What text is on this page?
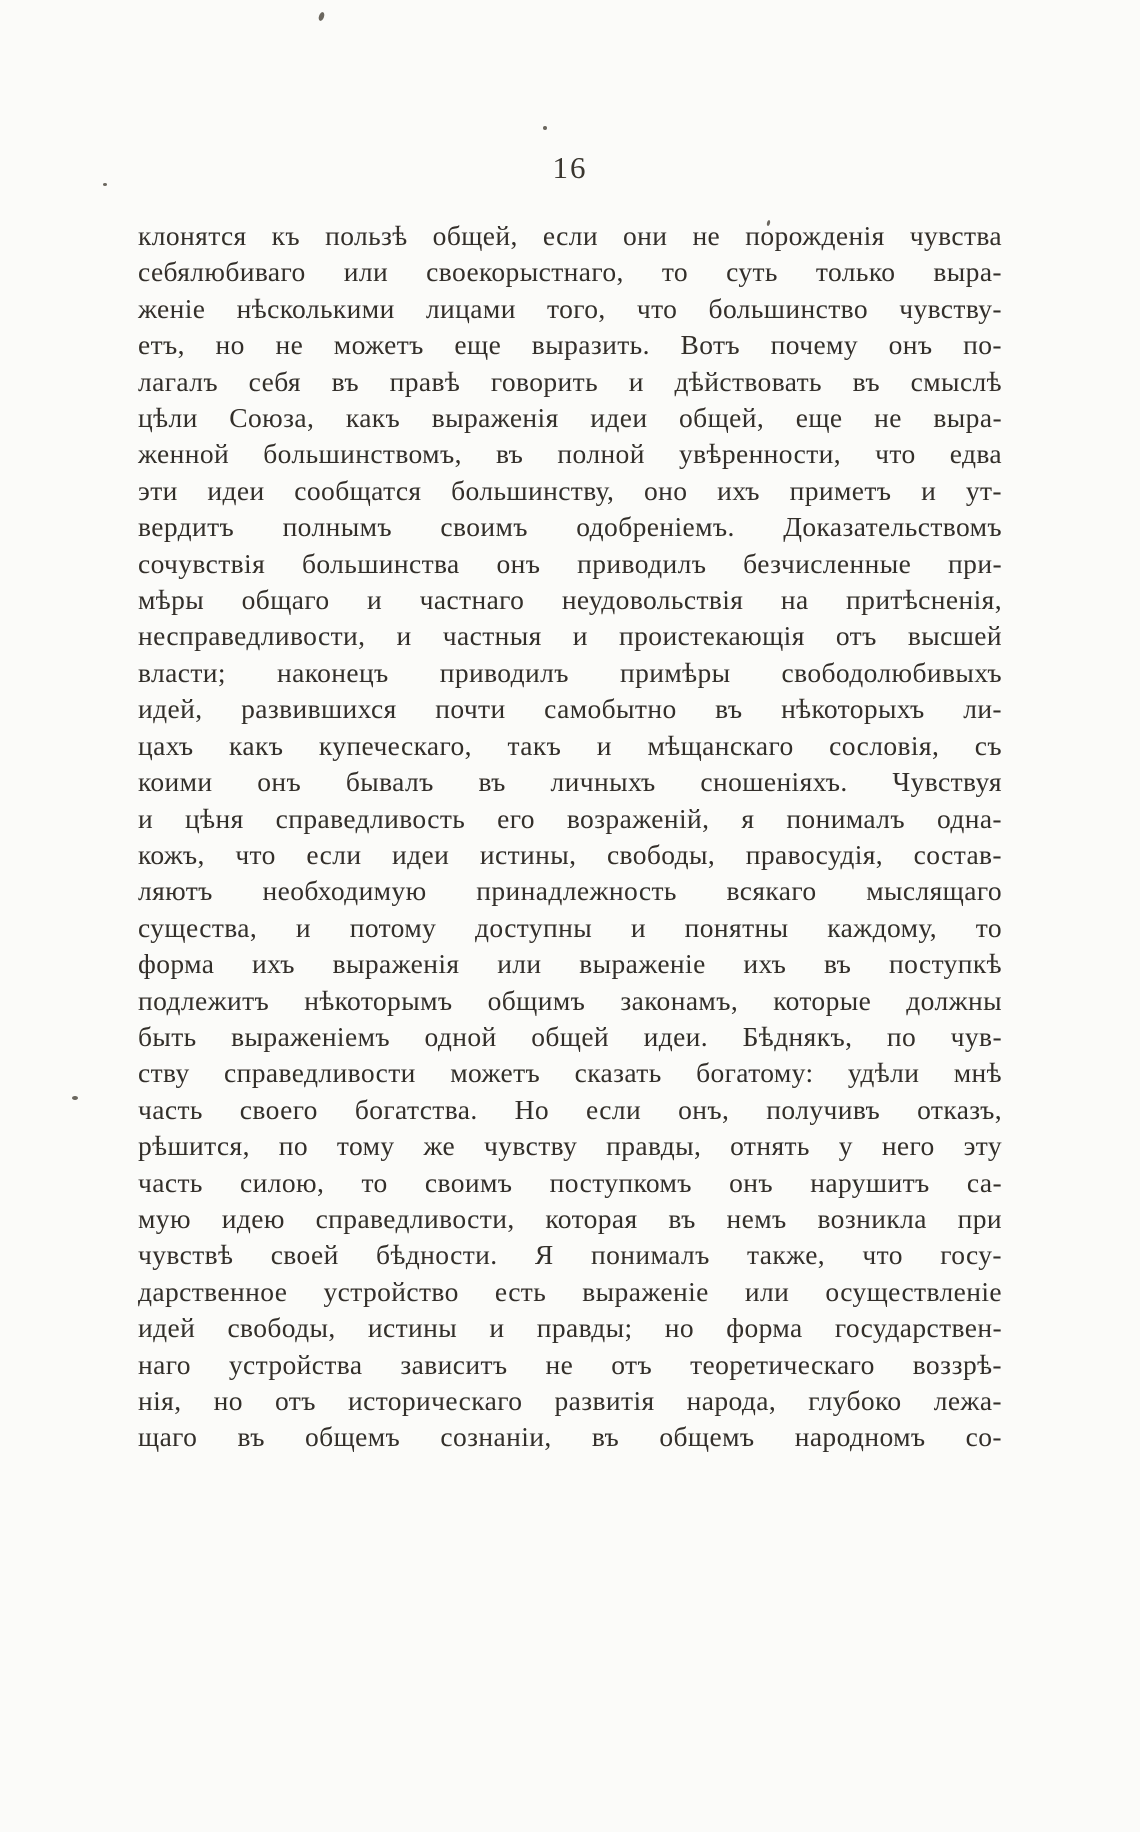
16
клонятся къ пользѣ общей, если они не порожденія чувства
себялюбиваго или своекорыстнаго, то суть только выра-
женіе нѣсколькими лицами того, что большинство чувству-
етъ, но не можетъ еще выразить. Вотъ почему онъ по-
лагалъ себя въ правѣ говорить и дѣйствовать въ смыслѣ
цѣли Союза, какъ выраженія идеи общей, еще не выра-
женной большинствомъ, въ полной увѣренности, что едва
эти идеи сообщатся большинству, оно ихъ приметъ и ут-
вердитъ полнымъ своимъ одобреніемъ. Доказательствомъ
сочувствія большинства онъ приводилъ безчисленные при-
мѣры общаго и частнаго неудовольствія на притѣсненія,
несправедливости, и частныя и проистекающія отъ высшей
власти; наконецъ приводилъ примѣры свободолюбивыхъ
идей, развившихся почти самобытно въ нѣкоторыхъ ли-
цахъ какъ купеческаго, такъ и мѣщанскаго сословія, съ
коими онъ бывалъ въ личныхъ сношеніяхъ. Чувствуя
и цѣня справедливость его возраженій, я понималъ одна-
кожъ, что если идеи истины, свободы, правосудія, состав-
ляютъ необходимую принадлежность всякаго мыслящаго
существа, и потому доступны и понятны каждому, то
форма ихъ выраженія или выраженіе ихъ въ поступкѣ
подлежитъ нѣкоторымъ общимъ законамъ, которые должны
быть выраженіемъ одной общей идеи. Бѣднякъ, по чув-
ству справедливости можетъ сказать богатому: удѣли мнѣ
часть своего богатства. Но если онъ, получивъ отказъ,
рѣшится, по тому же чувству правды, отнять у него эту
часть силою, то своимъ поступкомъ онъ нарушитъ са-
мую идею справедливости, которая въ немъ возникла при
чувствѣ своей бѣдности. Я понималъ также, что госу-
дарственное устройство есть выраженіе или осуществленіе
идей свободы, истины и правды; но форма государствен-
наго устройства зависитъ не отъ теоретическаго воззрѣ-
нія, но отъ историческаго развитія народа, глубоко лежа-
щаго въ общемъ сознаніи, въ общемъ народномъ со-
